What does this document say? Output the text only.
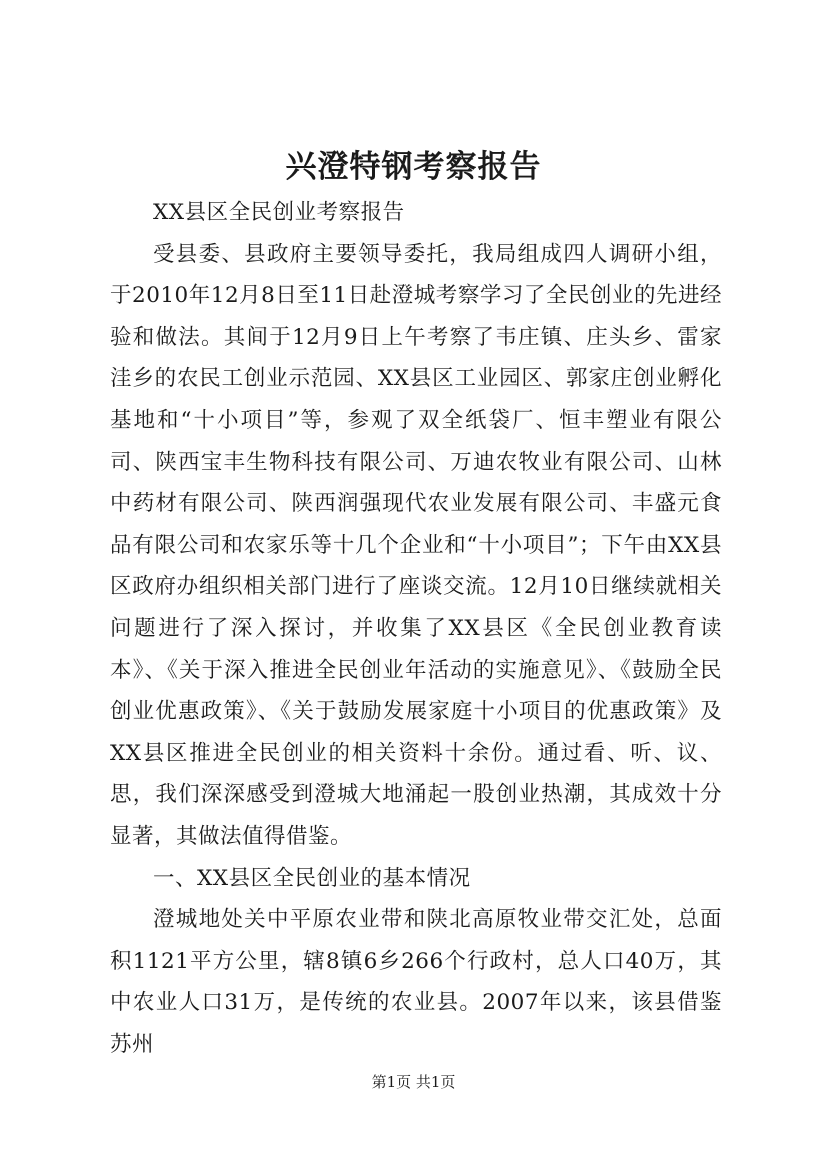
兴澄特钢考察报告

XX县区全民创业考察报告

受县委、县政府主要领导委托，我局组成四人调研小组，于2010年12月8日至11日赴澄城考察学习了全民创业的先进经验和做法。其间于12月9日上午考察了韦庄镇、庄头乡、雷家洼乡的农民工创业示范园、XX县区工业园区、郭家庄创业孵化基地和“十小项目”等，参观了双全纸袋厂、恒丰塑业有限公司、陕西宝丰生物科技有限公司、万迪农牧业有限公司、山林中药材有限公司、陕西润强现代农业发展有限公司、丰盛元食品有限公司和农家乐等十几个企业和“十小项目”；下午由XX县区政府办组织相关部门进行了座谈交流。12月10日继续就相关问题进行了深入探讨，并收集了XX县区《全民创业教育读本》、《关于深入推进全民创业年活动的实施意见》、《鼓励全民创业优惠政策》、《关于鼓励发展家庭十小项目的优惠政策》及XX县区推进全民创业的相关资料十余份。通过看、听、议、思，我们深深感受到澄城大地涌起一股创业热潮，其成效十分显著，其做法值得借鉴。

一、XX县区全民创业的基本情况

澄城地处关中平原农业带和陕北高原牧业带交汇处，总面积1121平方公里，辖8镇6乡266个行政村，总人口40万，其中农业人口31万，是传统的农业县。2007年以来，该县借鉴苏州

第1页 共1页
